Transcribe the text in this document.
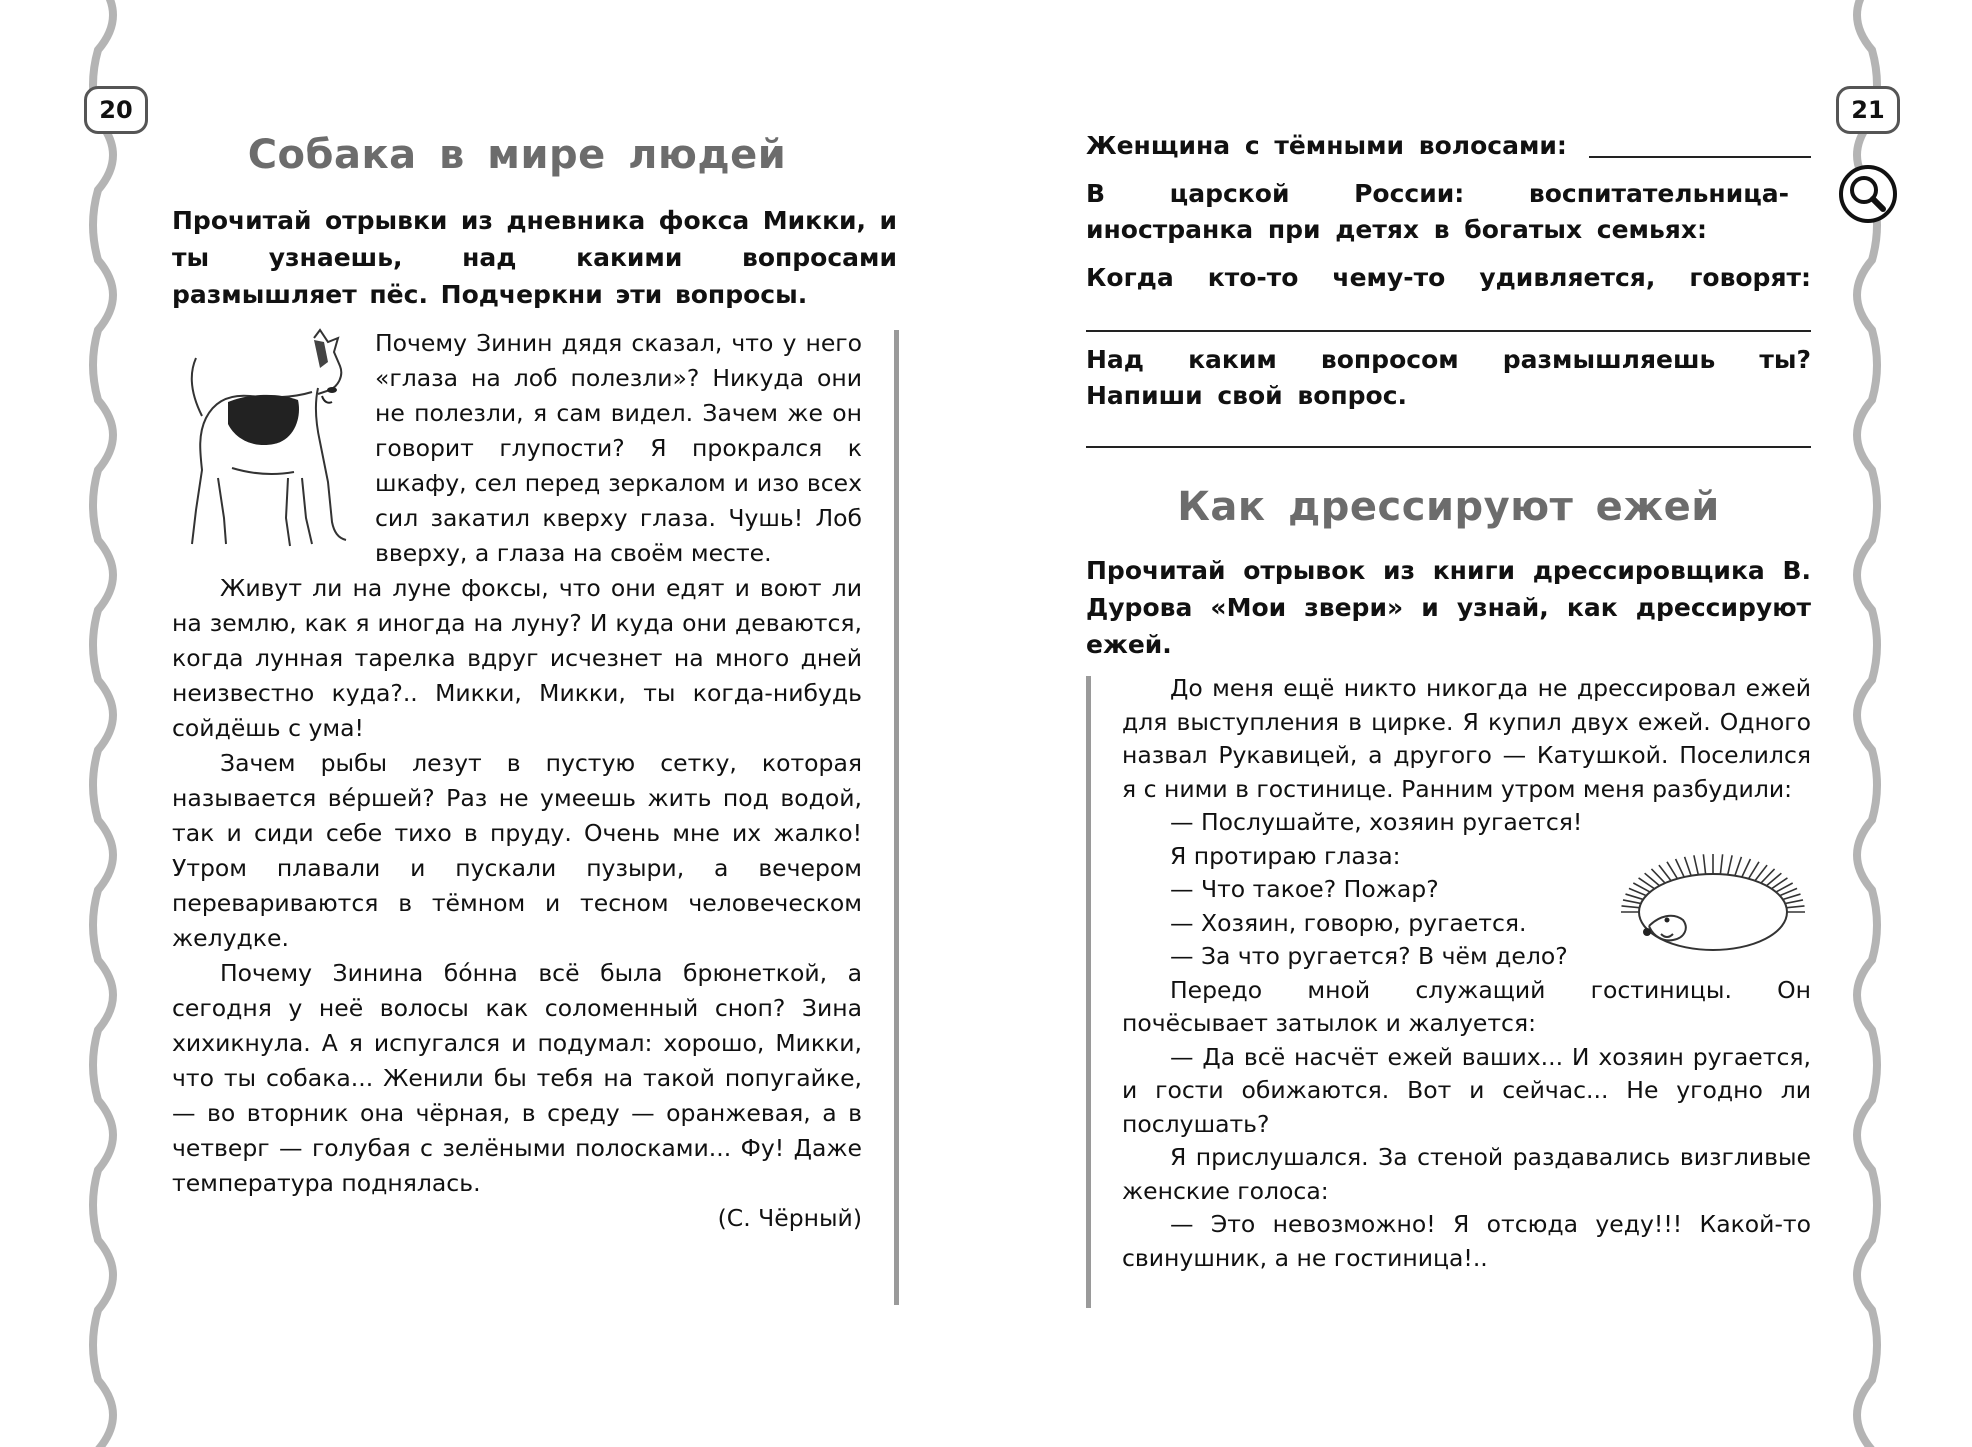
20	21
Собака в мире людей
Прочитай отрывки из дневника фокса Микки, и ты узнаешь, над какими вопросами размышляет пёс. Подчеркни эти вопросы.

Почему Зинин дядя сказал, что у него «глаза на лоб полезли»? Никуда они не полезли, я сам видел. Зачем же он говорит глупости? Я прокрался к шкафу, сел перед зеркалом и изо всех сил закатил кверху глаза. Чушь! Лоб вверху, а глаза на своём месте.

Живут ли на луне фоксы, что они едят и воют ли на землю, как я иногда на луну? И куда они деваются, когда лунная тарелка вдруг исчезнет на много дней неизвестно куда?.. Микки, Микки, ты когда-нибудь сойдёшь с ума!

Зачем рыбы лезут в пустую сетку, которая называется ве́ршей? Раз не умеешь жить под водой, так и сиди себе тихо в пруду. Очень мне их жалко! Утром плавали и пускали пузыри, а вечером перевариваются в тёмном и тесном человеческом желудке.

Почему Зинина бо́нна всё была брюнеткой, а сегодня у неё волосы как соломенный сноп? Зина хихикнула. А я испугался и подумал: хорошо, Микки, что ты собака... Женили бы тебя на такой попугайке, — во вторник она чёрная, в среду — оранжевая, а в четверг — голубая с зелёными полосками... Фу! Даже температура поднялась.

(С. Чёрный)
Женщина с тёмными волосами:
В царской России: воспитательница-иностранка при детях в богатых семьях:
Когда кто-то чему-то удивляется, говорят:
Над каким вопросом размышляешь ты? Напиши свой вопрос.
Как дрессируют ежей
Прочитай отрывок из книги дрессировщика В. Дурова «Мои звери» и узнай, как дрессируют ежей.

До меня ещё никто никогда не дрессировал ежей для выступления в цирке. Я купил двух ежей. Одного назвал Рукавицей, а другого — Катушкой. Поселился я с ними в гостинице. Ранним утром меня разбудили:

— Послушайте, хозяин ругается!

Я протираю глаза:

— Что такое? Пожар?

— Хозяин, говорю, ругается.

— За что ругается? В чём дело?

Передо мной служащий гостиницы. Он почёсывает затылок и жалуется:

— Да всё насчёт ежей ваших... И хозяин ругается, и гости обижаются. Вот и сейчас... Не угодно ли послушать?

Я прислушался. За стеной раздавались визгливые женские голоса:

— Это невозможно! Я отсюда уеду!!! Какой-то свинушник, а не гостиница!..
